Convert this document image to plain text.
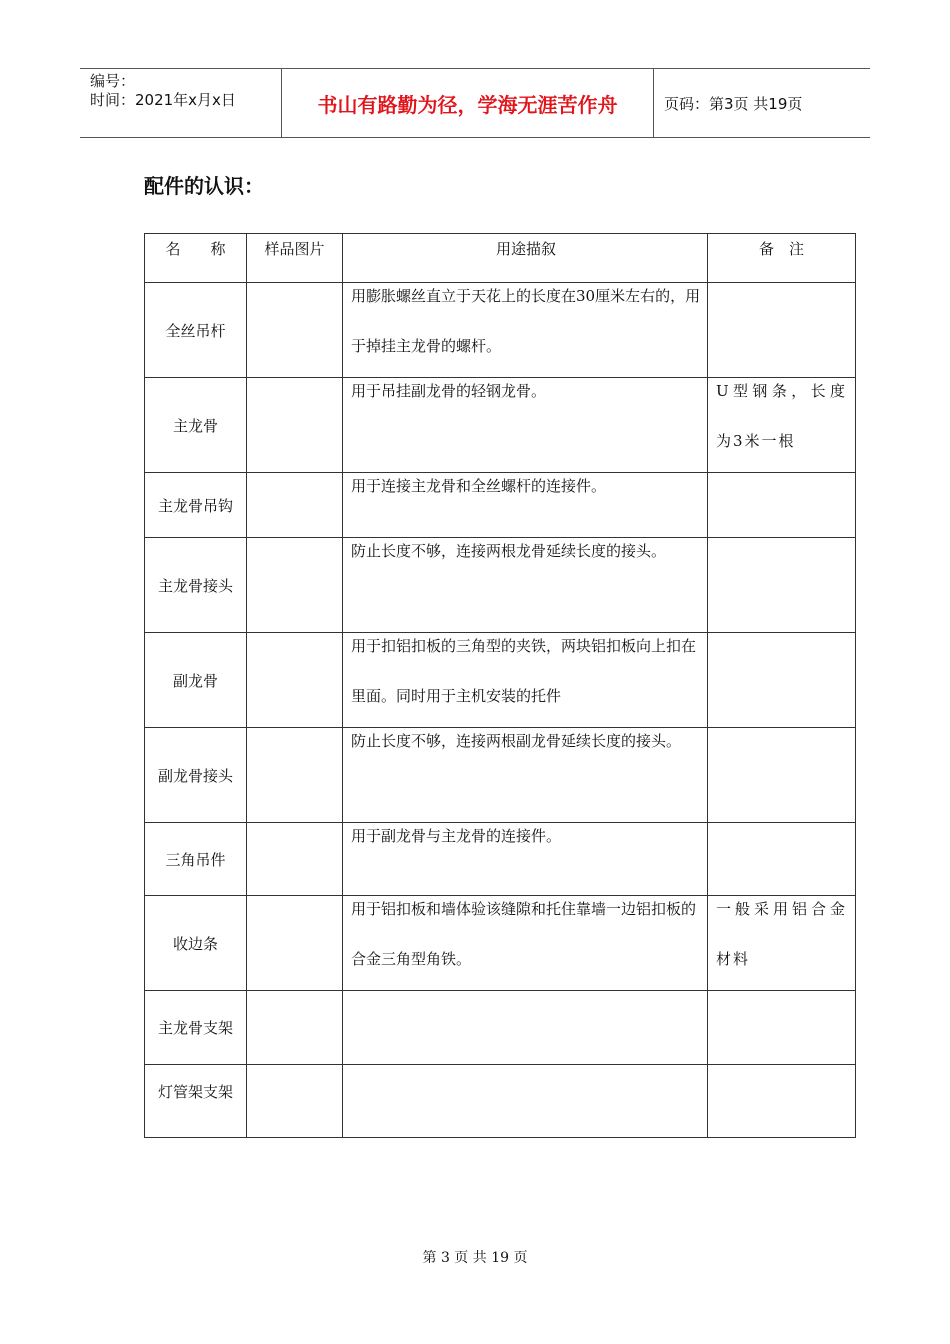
编号：
时间：2021年x月x日	书山有路勤为径，学海无涯苦作舟	页码：第3页 共19页
配件的认识：
名　　称	样品图片	用途描叙	备　注
全丝吊杆		用膨胀螺丝直立于天花上的长度在30厘米左右的，用于掉挂主龙骨的螺杆。	

主龙骨		用于吊挂副龙骨的轻钢龙骨。	U型钢条，长度为3米一根

主龙骨吊钩		用于连接主龙骨和全丝螺杆的连接件。	

主龙骨接头		防止长度不够，连接两根龙骨延续长度的接头。	

副龙骨		用于扣铝扣板的三角型的夹铁，两块铝扣板向上扣在里面。同时用于主机安装的托件	

副龙骨接头		防止长度不够，连接两根副龙骨延续长度的接头。	

三角吊件		用于副龙骨与主龙骨的连接件。	

收边条		用于铝扣板和墙体验该缝隙和托住靠墙一边铝扣板的合金三角型角铁。	一般采用铝合金材料

主龙骨支架		

灯管架支架		

第 3 页 共 19 页
